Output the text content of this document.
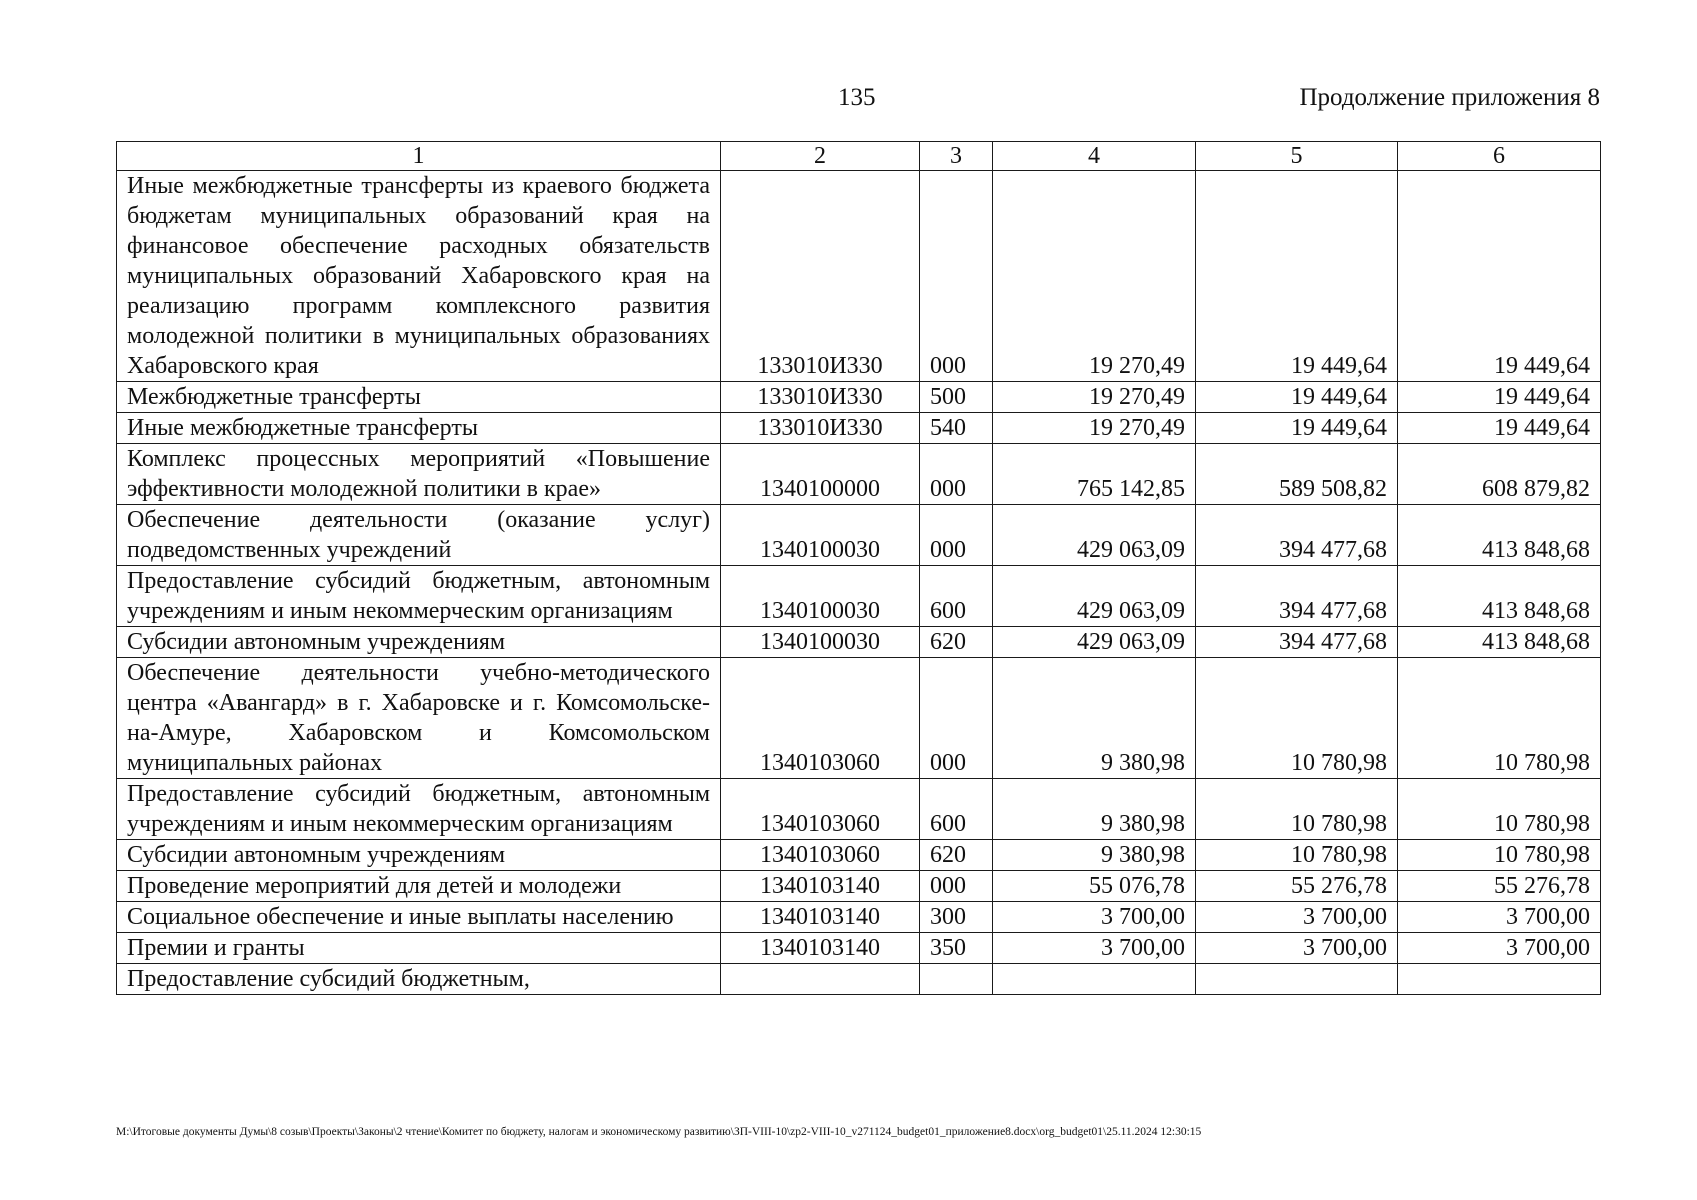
135	Продолжение приложения 8
1	2	3	4	5	6
Иные межбюджетные трансферты из краевого бюджета бюджетам муниципальных образований края на финансовое обеспечение расходных обязательств муниципальных образований Хабаровского края на реализацию программ комплексного развития молодежной политики в муниципальных образованиях Хабаровского края	133010И330	000	19 270,49	19 449,64	19 449,64
Межбюджетные трансферты	133010И330	500	19 270,49	19 449,64	19 449,64
Иные межбюджетные трансферты	133010И330	540	19 270,49	19 449,64	19 449,64
Комплекс процессных мероприятий «Повышение эффективности молодежной политики в крае»	1340100000	000	765 142,85	589 508,82	608 879,82
Обеспечение деятельности (оказание услуг) подведомственных учреждений	1340100030	000	429 063,09	394 477,68	413 848,68
Предоставление субсидий бюджетным, автономным учреждениям и иным некоммерческим организациям	1340100030	600	429 063,09	394 477,68	413 848,68
Субсидии автономным учреждениям	1340100030	620	429 063,09	394 477,68	413 848,68
Обеспечение деятельности учебно-методического центра «Авангард» в г. Хабаровске и г. Комсомольске-на-Амуре, Хабаровском и Комсомольском муниципальных районах	1340103060	000	9 380,98	10 780,98	10 780,98
Предоставление субсидий бюджетным, автономным учреждениям и иным некоммерческим организациям	1340103060	600	9 380,98	10 780,98	10 780,98
Субсидии автономным учреждениям	1340103060	620	9 380,98	10 780,98	10 780,98
Проведение мероприятий для детей и молодежи	1340103140	000	55 076,78	55 276,78	55 276,78
Социальное обеспечение и иные выплаты населению	1340103140	300	3 700,00	3 700,00	3 700,00
Премии и гранты	1340103140	350	3 700,00	3 700,00	3 700,00
Предоставление субсидий бюджетным,					
M:\Итоговые документы Думы\8 созыв\Проекты\Законы\2 чтение\Комитет по бюджету, налогам и экономическому развитию\ЗП-VIII-10\zp2-VIII-10_v271124_budget01_приложение8.docx\org_budget01\25.11.2024 12:30:15
